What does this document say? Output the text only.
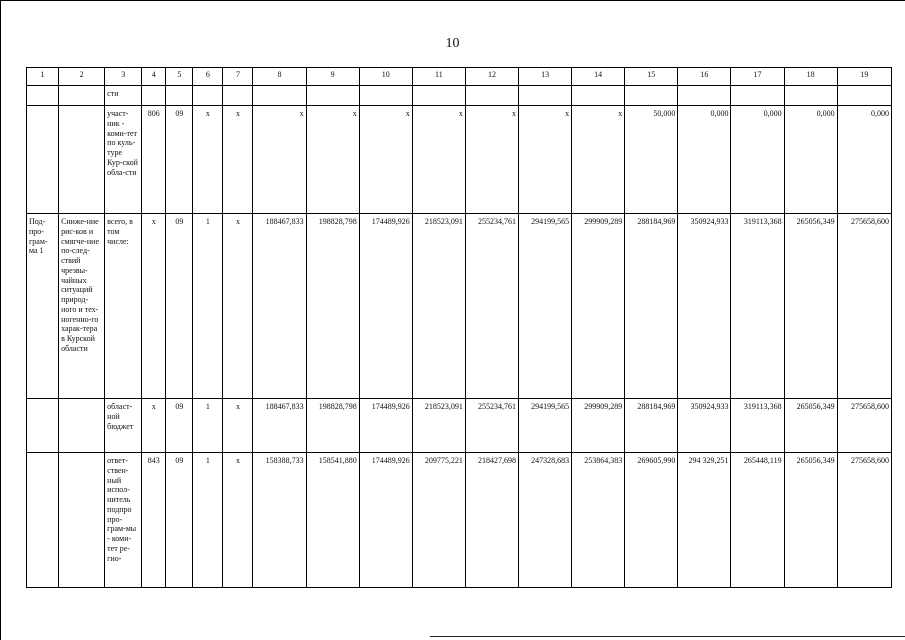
10
1	2	3	4	5	6	7	8	9	10	11	12	13	14	15	16	17	18	19
		сти																
		участ-ник - коми-тет по куль-туре Кур-ской обла-сти	806	09	x	x	x	x	x	x	x	x	x	50,000	0,000	0,000	0,000	0,000
Под-про-грам-ма 1	Сниже-ние рис-ков и смягче-ние по-след-ствий чрезвы-чайных ситуаций природ-ного и тех-ногенно-го харак-тера в Курской области	всего, в том числе:	x	09	1	x	188467,833	198828,798	174489,926	218523,091	255234,761	294199,565	299909,289	288184,969	350924,933	319113,368	265056,349	275658,600
		област-ной бюджет	x	09	1	x	188467,833	198828,798	174489,926	218523,091	255234,761	294199,565	299909,289	288184,969	350924,933	319113,368	265056,349	275658,600
		ответ-ствен-ный испол-нитель подпро про-грам-мы - коми-тет ре-гио-	843	09	1	x	158388,733	158541,880	174489,926	209775,221	218427,698	247328,683	253864,383	269605,990	294 329,251	265448,119	265056,349	275658,600
